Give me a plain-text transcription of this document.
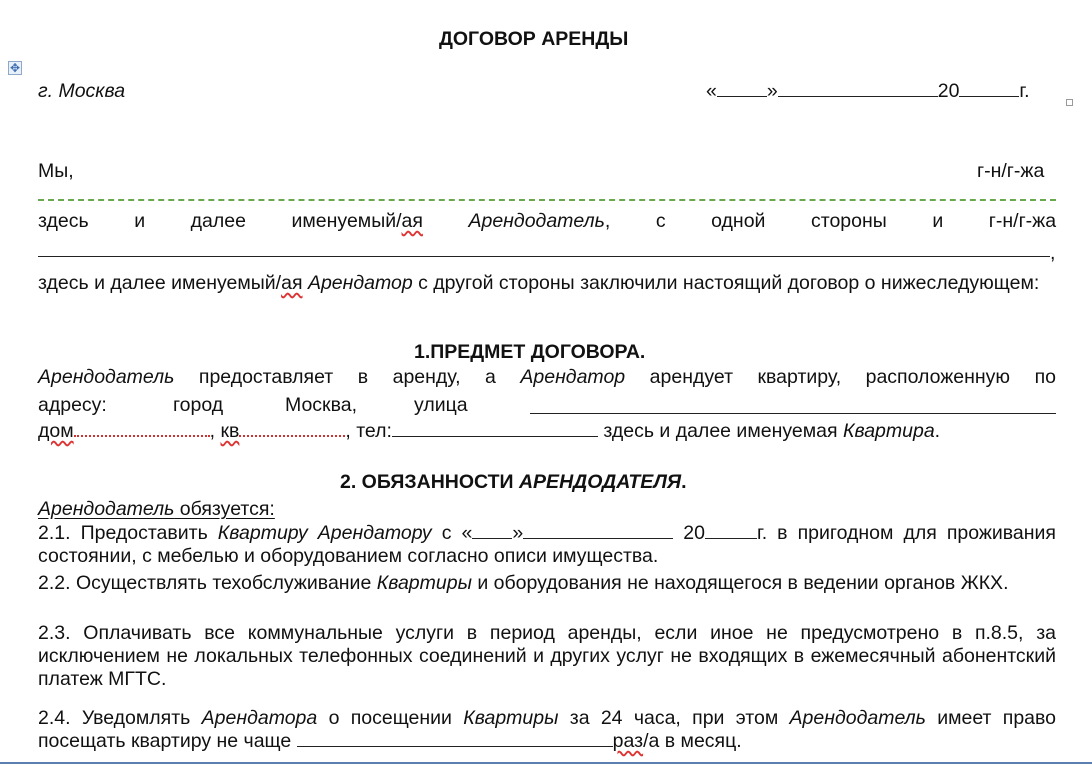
✥
ДОГОВОР АРЕНДЫ
г. Москва	«	»	20	г.
Мы,	г-н/г-жа
здесь и далее именуемый/ая Арендодатель, с одной стороны и г-н/г-жа
,
здесь и далее именуемый/ая Арендатор с другой стороны заключили настоящий договор о нижеследующем:
1.ПРЕДМЕТ ДОГОВОРА.
Арендодатель предоставляет в аренду, а Арендатор арендует квартиру, расположенную по
адресу:	город	Москва,	улица
дом	, кв	, тел:	здесь и далее именуемая Квартира.
2. ОБЯЗАННОСТИ АРЕНДОДАТЕЛЯ.
Арендодатель обязуется:
2.1. Предоставить Квартиру Арендатору с « »	20	г. в пригодном для проживания состоянии, с мебелью и оборудованием согласно описи имущества.
2.2. Осуществлять техобслуживание Квартиры и оборудования не находящегося в ведении органов ЖКХ.
2.3. Оплачивать все коммунальные услуги в период аренды, если иное не предусмотрено в п.8.5, за исключением не локальных телефонных соединений и других услуг не входящих в ежемесячный абонентский платеж МГТС.
2.4. Уведомлять Арендатора о посещении Квартиры за 24 часа, при этом Арендодатель имеет право посещать квартиру не чаще	раз/а в месяц.
